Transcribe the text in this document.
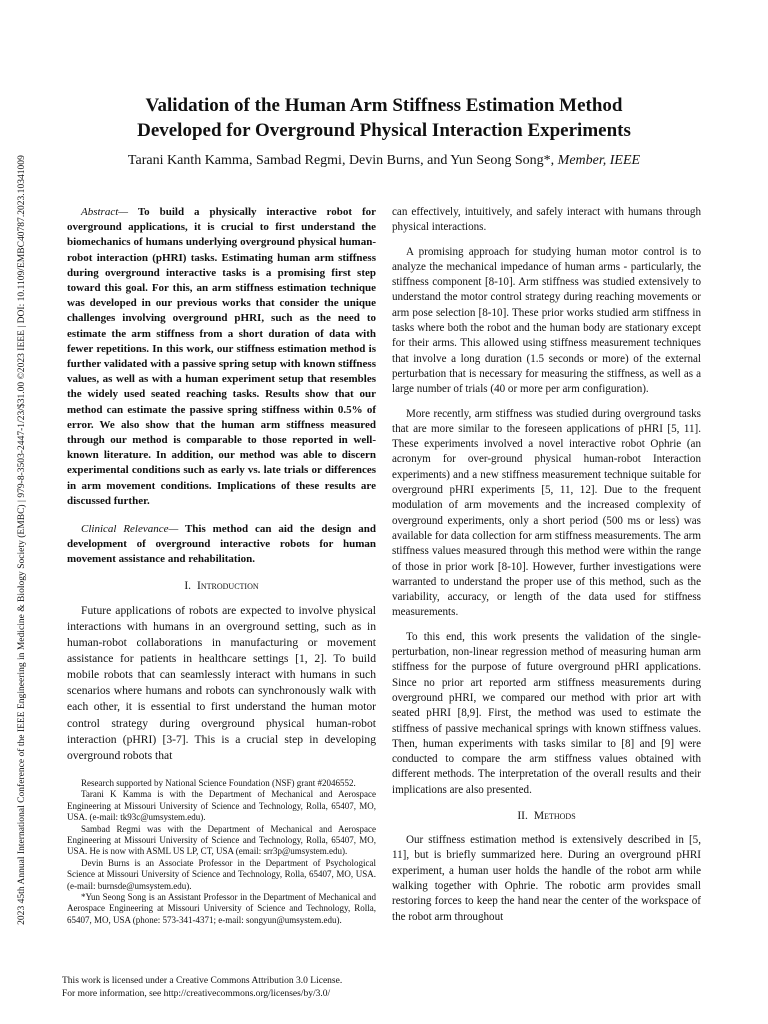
2023 45th Annual International Conference of the IEEE Engineering in Medicine & Biology Society (EMBC) | 979-8-3503-2447-1/23/$31.00 ©2023 IEEE | DOI: 10.1109/EMBC40787.2023.10341009
Validation of the Human Arm Stiffness Estimation Method
Developed for Overground Physical Interaction Experiments
Tarani Kanth Kamma, Sambad Regmi, Devin Burns, and Yun Seong Song*, Member, IEEE

Abstract— To build a physically interactive robot for overground applications, it is crucial to first understand the biomechanics of humans underlying overground physical human-robot interaction (pHRI) tasks. Estimating human arm stiffness during overground interactive tasks is a promising first step toward this goal. For this, an arm stiffness estimation technique was developed in our previous works that consider the unique challenges involving overground pHRI, such as the need to estimate the arm stiffness from a short duration of data with fewer repetitions. In this work, our stiffness estimation method is further validated with a passive spring setup with known stiffness values, as well as with a human experiment setup that resembles the widely used seated reaching tasks. Results show that our method can estimate the passive spring stiffness within 0.5% of error. We also show that the human arm stiffness measured through our method is comparable to those reported in well-known literature. In addition, our method was able to discern experimental conditions such as early vs. late trials or differences in arm movement conditions. Implications of these results are discussed further.

Clinical Relevance— This method can aid the design and development of overground interactive robots for human movement assistance and rehabilitation.

I. Introduction

Future applications of robots are expected to involve physical interactions with humans in an overground setting, such as in human-robot collaborations in manufacturing or movement assistance for patients in healthcare settings [1, 2]. To build mobile robots that can seamlessly interact with humans in such scenarios where humans and robots can synchronously walk with each other, it is essential to first understand the human motor control strategy during overground physical human-robot interaction (pHRI) [3-7]. This is a crucial step in developing overground robots that

Research supported by National Science Foundation (NSF) grant #2046552.

Tarani K Kamma is with the Department of Mechanical and Aerospace Engineering at Missouri University of Science and Technology, Rolla, 65407, MO, USA. (e-mail: tk93c@umsystem.edu).

Sambad Regmi was with the Department of Mechanical and Aerospace Engineering at Missouri University of Science and Technology, Rolla, 65407, MO, USA. He is now with ASML US LP, CT, USA (email: srr3p@umsystem.edu).

Devin Burns is an Associate Professor in the Department of Psychological Science at Missouri University of Science and Technology, Rolla, 65407, MO, USA. (e-mail: burnsde@umsystem.edu).

*Yun Seong Song is an Assistant Professor in the Department of Mechanical and Aerospace Engineering at Missouri University of Science and Technology, Rolla, 65407, MO, USA (phone: 573-341-4371; e-mail: songyun@umsystem.edu).

can effectively, intuitively, and safely interact with humans through physical interactions.

A promising approach for studying human motor control is to analyze the mechanical impedance of human arms - particularly, the stiffness component [8-10]. Arm stiffness was studied extensively to understand the motor control strategy during reaching movements or arm pose selection [8-10]. These prior works studied arm stiffness in tasks where both the robot and the human body are stationary except for their arms. This allowed using stiffness measurement techniques that involve a long duration (1.5 seconds or more) of the external perturbation that is necessary for measuring the stiffness, as well as a large number of trials (40 or more per arm configuration).

More recently, arm stiffness was studied during overground tasks that are more similar to the foreseen applications of pHRI [5, 11]. These experiments involved a novel interactive robot Ophrie (an acronym for over-ground physical human-robot Interaction experiments) and a new stiffness measurement technique suitable for overground pHRI experiments [5, 11, 12]. Due to the frequent modulation of arm movements and the increased complexity of overground experiments, only a short period (500 ms or less) was available for data collection for arm stiffness measurements. The arm stiffness values measured through this method were within the range of those in prior work [8-10]. However, further investigations were warranted to understand the proper use of this method, such as the variability, accuracy, or length of the data used for stiffness measurements.

To this end, this work presents the validation of the single-perturbation, non-linear regression method of measuring human arm stiffness for the purpose of future overground pHRI applications. Since no prior art reported arm stiffness measurements during overground pHRI, we compared our method with prior art with seated pHRI [8,9]. First, the method was used to estimate the stiffness of passive mechanical springs with known stiffness values. Then, human experiments with tasks similar to [8] and [9] were conducted to compare the arm stiffness values obtained with different methods. The interpretation of the overall results and their implications are also presented.

II. Methods

Our stiffness estimation method is extensively described in [5, 11], but is briefly summarized here. During an overground pHRI experiment, a human user holds the handle of the robot arm while walking together with Ophrie. The robotic arm provides small restoring forces to keep the hand near the center of the workspace of the robot arm throughout

This work is licensed under a Creative Commons Attribution 3.0 License.
For more information, see http://creativecommons.org/licenses/by/3.0/
